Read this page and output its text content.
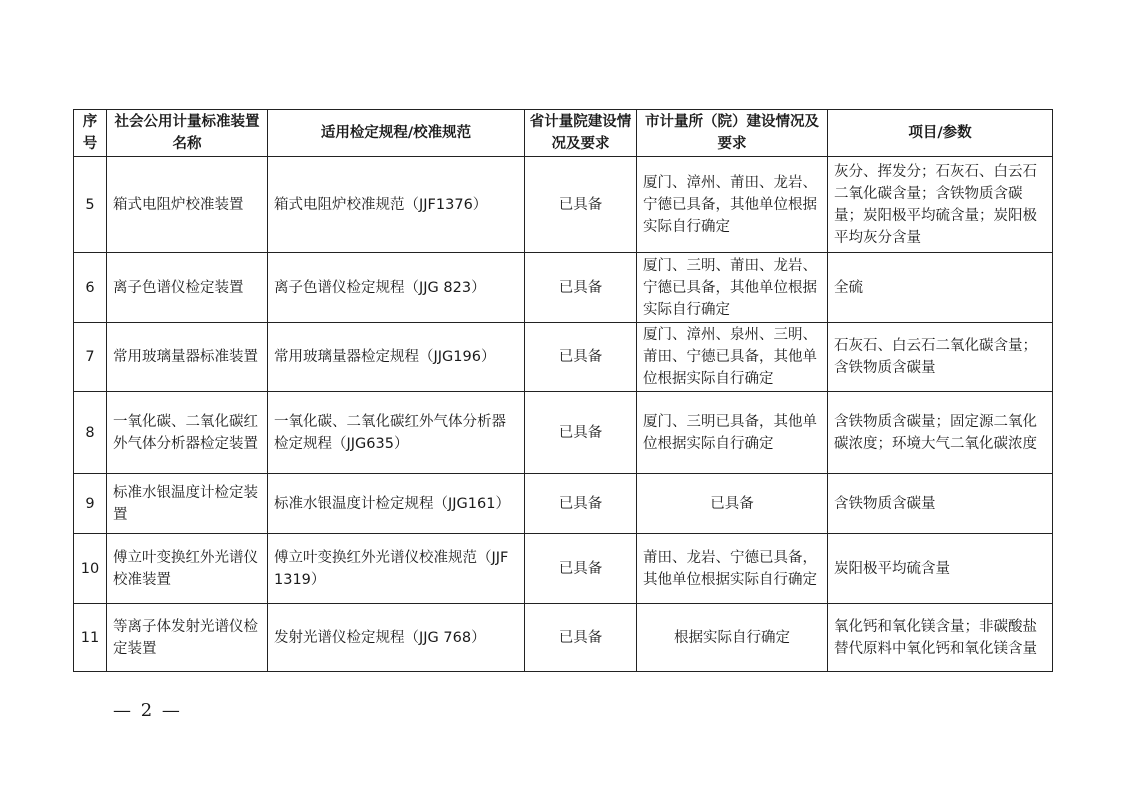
序号	社会公用计量标准装置名称	适用检定规程/校准规范	省计量院建设情况及要求	市计量所（院）建设情况及要求	项目/参数
5	箱式电阻炉校准装置	箱式电阻炉校准规范（JJF1376）	已具备	厦门、漳州、莆田、龙岩、宁德已具备，其他单位根据实际自行确定	灰分、挥发分；石灰石、白云石二氧化碳含量；含铁物质含碳量；炭阳极平均硫含量；炭阳极平均灰分含量
6	离子色谱仪检定装置	离子色谱仪检定规程（JJG 823）	已具备	厦门、三明、莆田、龙岩、宁德已具备，其他单位根据实际自行确定	全硫
7	常用玻璃量器标准装置	常用玻璃量器检定规程（JJG196）	已具备	厦门、漳州、泉州、三明、莆田、宁德已具备，其他单位根据实际自行确定	石灰石、白云石二氧化碳含量；含铁物质含碳量
8	一氧化碳、二氧化碳红外气体分析器检定装置	一氧化碳、二氧化碳红外气体分析器检定规程（JJG635）	已具备	厦门、三明已具备，其他单位根据实际自行确定	含铁物质含碳量；固定源二氧化碳浓度；环境大气二氧化碳浓度
9	标准水银温度计检定装置	标准水银温度计检定规程（JJG161）	已具备	已具备	含铁物质含碳量
10	傅立叶变换红外光谱仪校准装置	傅立叶变换红外光谱仪校准规范（JJF 1319）	已具备	莆田、龙岩、宁德已具备，其他单位根据实际自行确定	炭阳极平均硫含量
11	等离子体发射光谱仪检定装置	发射光谱仪检定规程（JJG 768）	已具备	根据实际自行确定	氧化钙和氧化镁含量；非碳酸盐替代原料中氧化钙和氧化镁含量
— 2 —
